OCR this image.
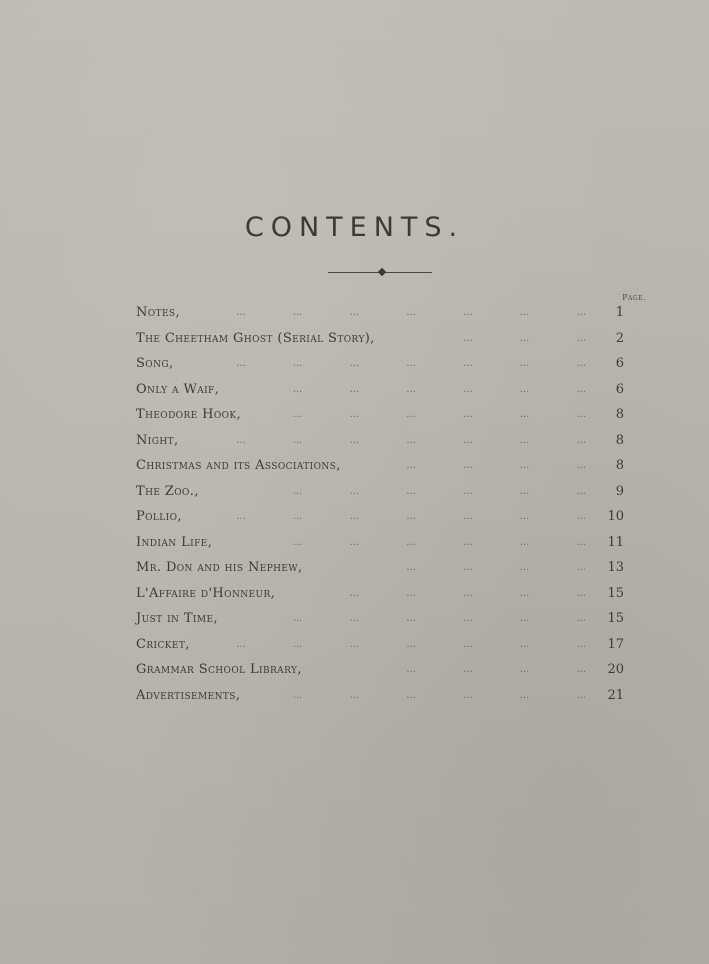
CONTENTS.
Page.
... ... ... ... ... ... ...
Notes,	1
... ... ...
The Cheetham Ghost (Serial Story),	2
... ... ... ... ... ... ...
Song,	6
... ... ... ... ... ...
Only a Waif,	6
... ... ... ... ... ...
Theodore Hook,	8
... ... ... ... ... ... ...
Night,	8
... ... ... ...
Christmas and its Associations,	8
... ... ... ... ... ...
The Zoo.,	9
... ... ... ... ... ... ...
Pollio,	10
... ... ... ... ... ...
Indian Life,	11
... ... ... ...
Mr. Don and his Nephew,	13
... ... ... ... ...
L'Affaire d'Honneur,	15
... ... ... ... ... ...
Just in Time,	15
... ... ... ... ... ... ...
Cricket,	17
... ... ... ...
Grammar School Library,	20
... ... ... ... ... ...
Advertisements,	21
